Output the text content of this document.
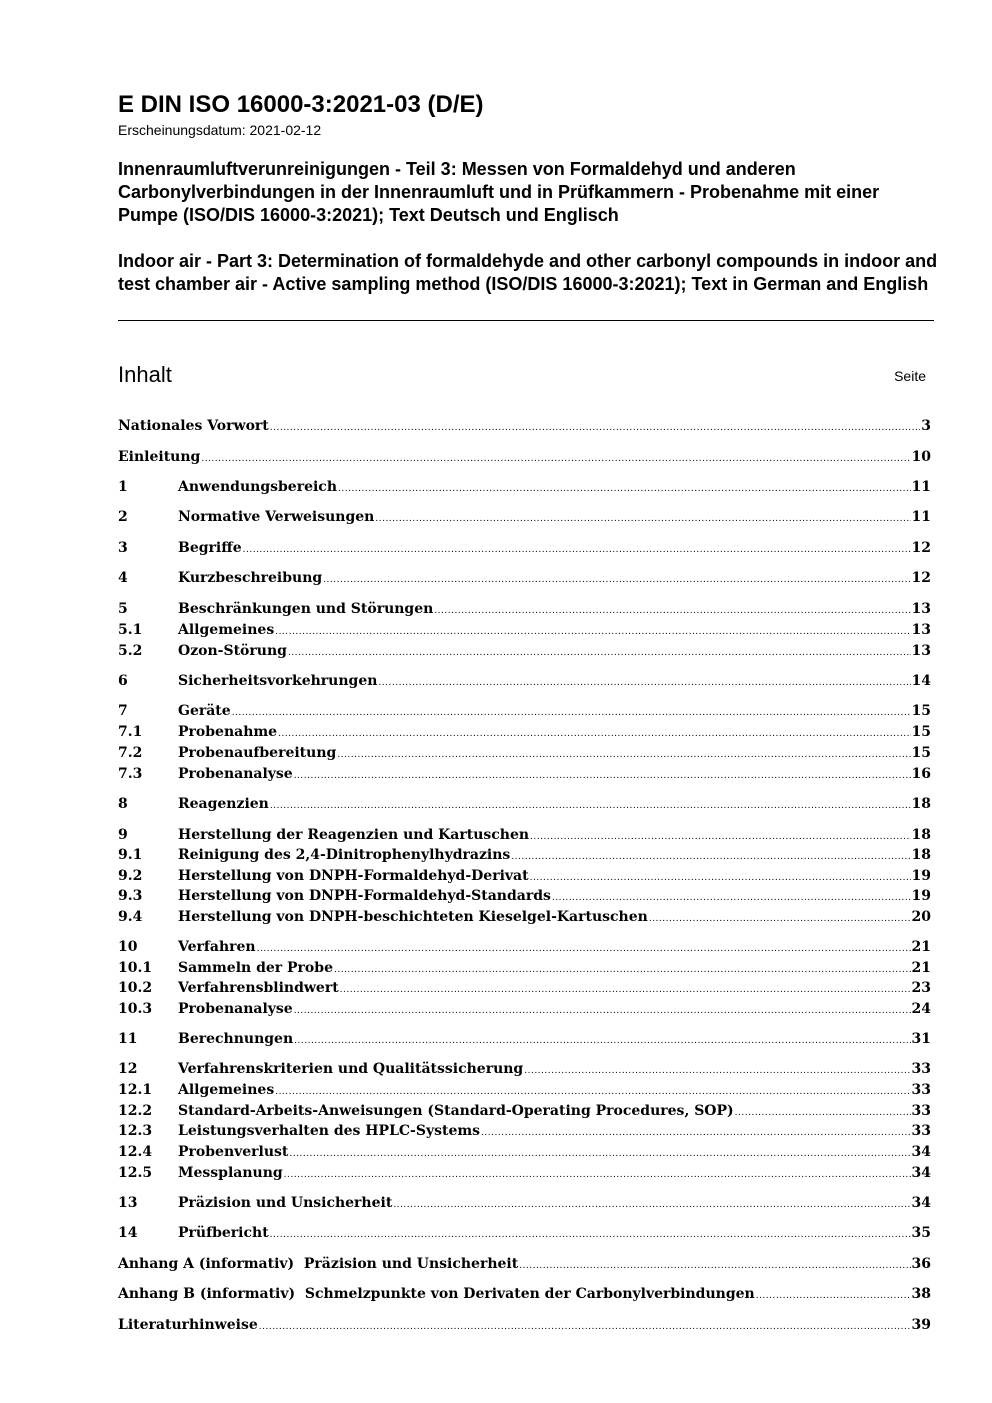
E DIN ISO 16000-3:2021-03 (D/E)
Erscheinungsdatum: 2021-02-12
Innenraumluftverunreinigungen - Teil 3: Messen von Formaldehyd und anderen Carbonylverbindungen in der Innenraumluft und in Prüfkammern - Probenahme mit einer Pumpe (ISO/DIS 16000-3:2021); Text Deutsch und Englisch
Indoor air - Part 3: Determination of formaldehyde and other carbonyl compounds in indoor and test chamber air - Active sampling method (ISO/DIS 16000-3:2021); Text in German and English
Inhalt	Seite
Nationales Vorwort .....	3
Einleitung .....	10
1	Anwendungsbereich .....	11
2	Normative Verweisungen .....	11
3	Begriffe .....	12
4	Kurzbeschreibung .....	12
5	Beschränkungen und Störungen .....	13
5.1	Allgemeines .....	13
5.2	Ozon-Störung .....	13
6	Sicherheitsvorkehrungen .....	14
7	Geräte .....	15
7.1	Probenahme .....	15
7.2	Probenaufbereitung .....	15
7.3	Probenanalyse .....	16
8	Reagenzien .....	18
9	Herstellung der Reagenzien und Kartuschen .....	18
9.1	Reinigung des 2,4-Dinitrophenylhydrazins .....	18
9.2	Herstellung von DNPH-Formaldehyd-Derivat .....	19
9.3	Herstellung von DNPH-Formaldehyd-Standards .....	19
9.4	Herstellung von DNPH-beschichteten Kieselgel-Kartuschen .....	20
10	Verfahren .....	21
10.1	Sammeln der Probe .....	21
10.2	Verfahrensblindwert .....	23
10.3	Probenanalyse .....	24
11	Berechnungen .....	31
12	Verfahrenskriterien und Qualitätssicherung .....	33
12.1	Allgemeines .....	33
12.2	Standard-Arbeits-Anweisungen (Standard-Operating Procedures, SOP) .....	33
12.3	Leistungsverhalten des HPLC-Systems .....	33
12.4	Probenverlust .....	34
12.5	Messplanung .....	34
13	Präzision und Unsicherheit .....	34
14	Prüfbericht .....	35
Anhang A (informativ)  Präzision und Unsicherheit .....	36
Anhang B (informativ)  Schmelzpunkte von Derivaten der Carbonylverbindungen .....	38
Literaturhinweise .....	39
